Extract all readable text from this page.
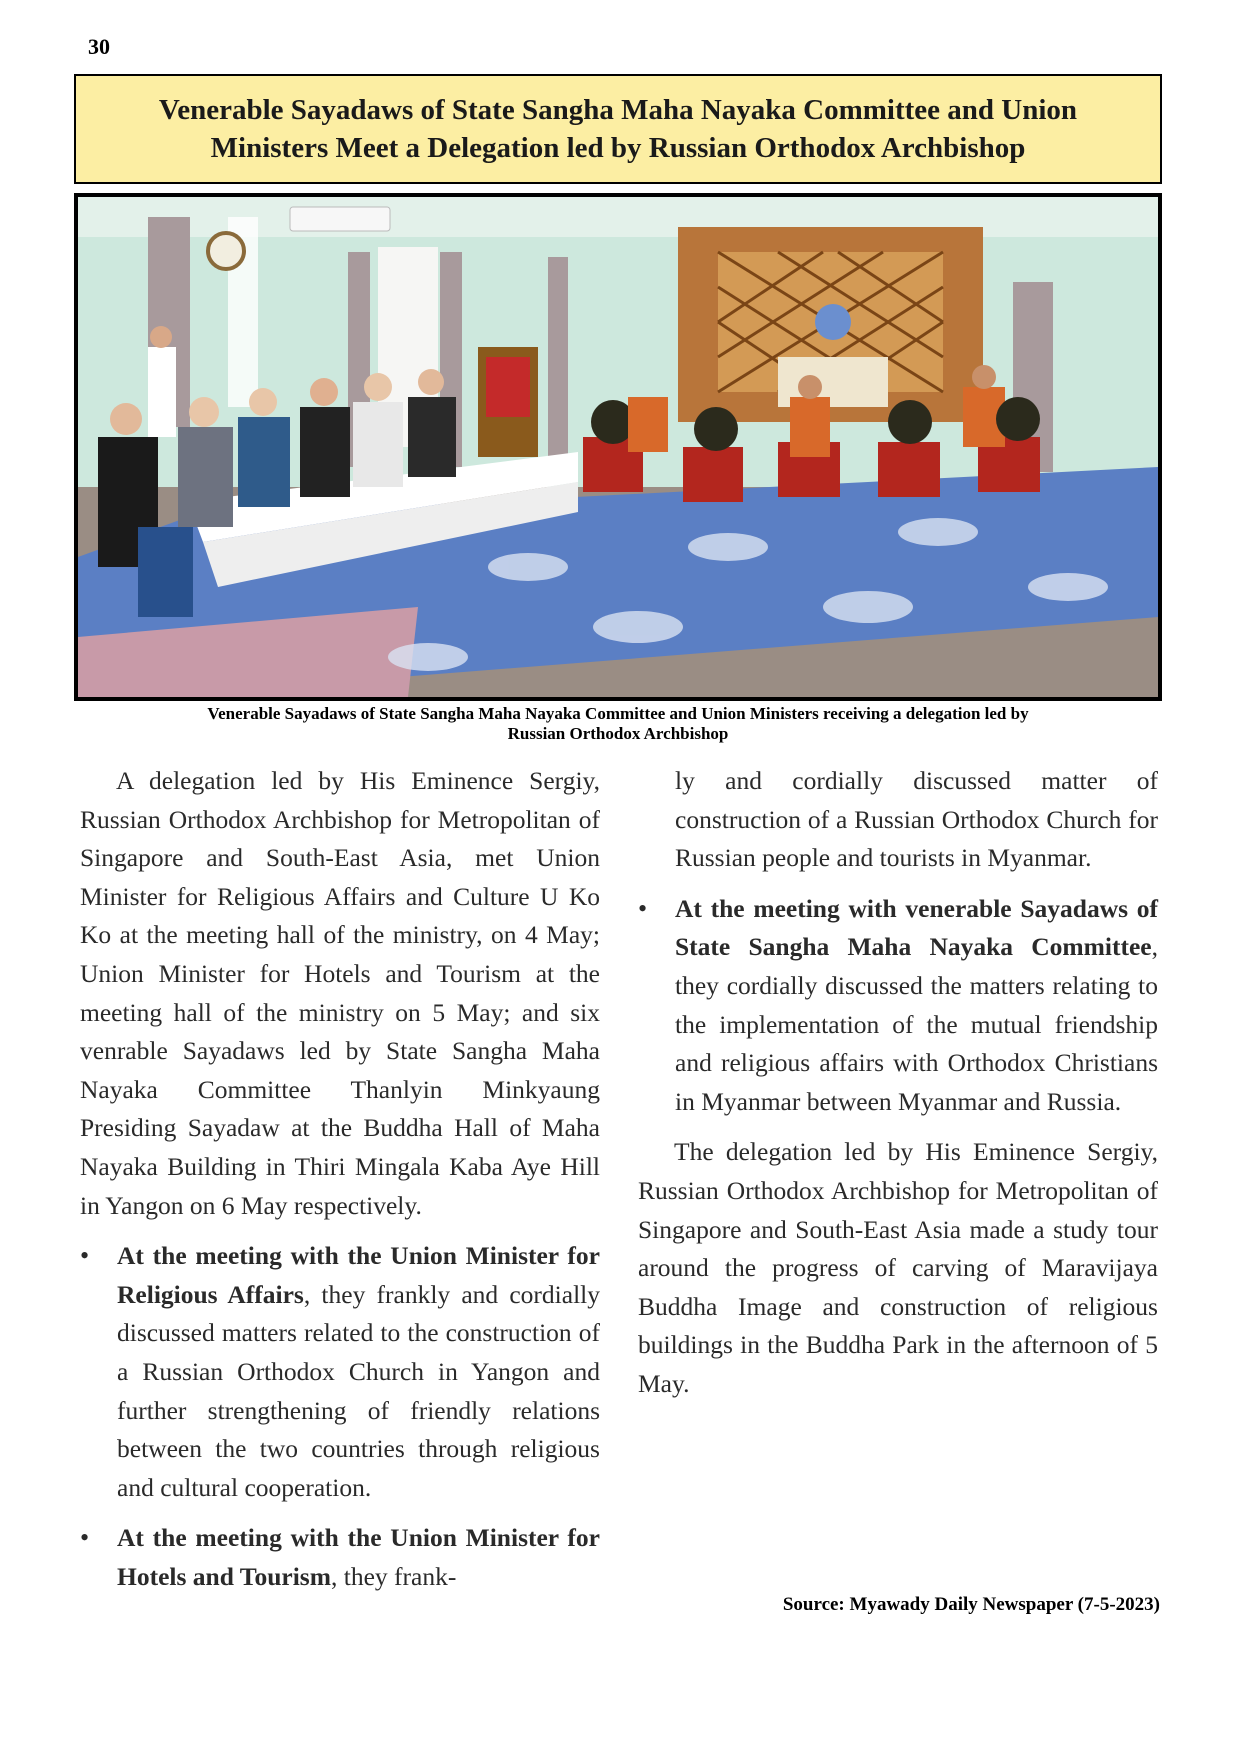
30
Venerable Sayadaws of State Sangha Maha Nayaka Committee and Union
Ministers Meet a Delegation led by Russian Orthodox Archbishop
Venerable Sayadaws of State Sangha Maha Nayaka Committee and Union Ministers receiving a delegation led by
Russian Orthodox Archbishop

A delegation led by His Eminence Sergiy, Russian Orthodox Archbishop for Metropolitan of Singapore and South-East Asia, met Union Minister for Religious Affairs and Culture U Ko Ko at the meeting hall of the ministry, on 4 May; Union Minister for Hotels and Tourism at the meeting hall of the ministry on 5 May; and six venrable Sayadaws led by State Sangha Maha Nayaka Committee Thanlyin Minkyaung Presiding Sayadaw at the Buddha Hall of Maha Nayaka Building in Thiri Mingala Kaba Aye Hill in Yangon on 6 May respectively.

• At the meeting with the Union Minister for Religious Affairs, they frankly and cordially discussed matters related to the construction of a Russian Orthodox Church in Yangon and further strengthening of friendly relations between the two countries through religious and cultural cooperation.
• At the meeting with the Union Minister for Hotels and Tourism, they frank-

ly and cordially discussed matter of construction of a Russian Orthodox Church for Russian people and tourists in Myanmar.

• At the meeting with venerable Sayadaws of State Sangha Maha Nayaka Committee, they cordially discussed the matters relating to the implementation of the mutual friendship and religious affairs with Orthodox Christians in Myanmar between Myanmar and Russia.

The delegation led by His Eminence Sergiy, Russian Orthodox Archbishop for Metropolitan of Singapore and South-East Asia made a study tour around the progress of carving of Maravijaya Buddha Image and construction of religious buildings in the Buddha Park in the afternoon of 5 May.

Source: Myawady Daily Newspaper (7-5-2023)
